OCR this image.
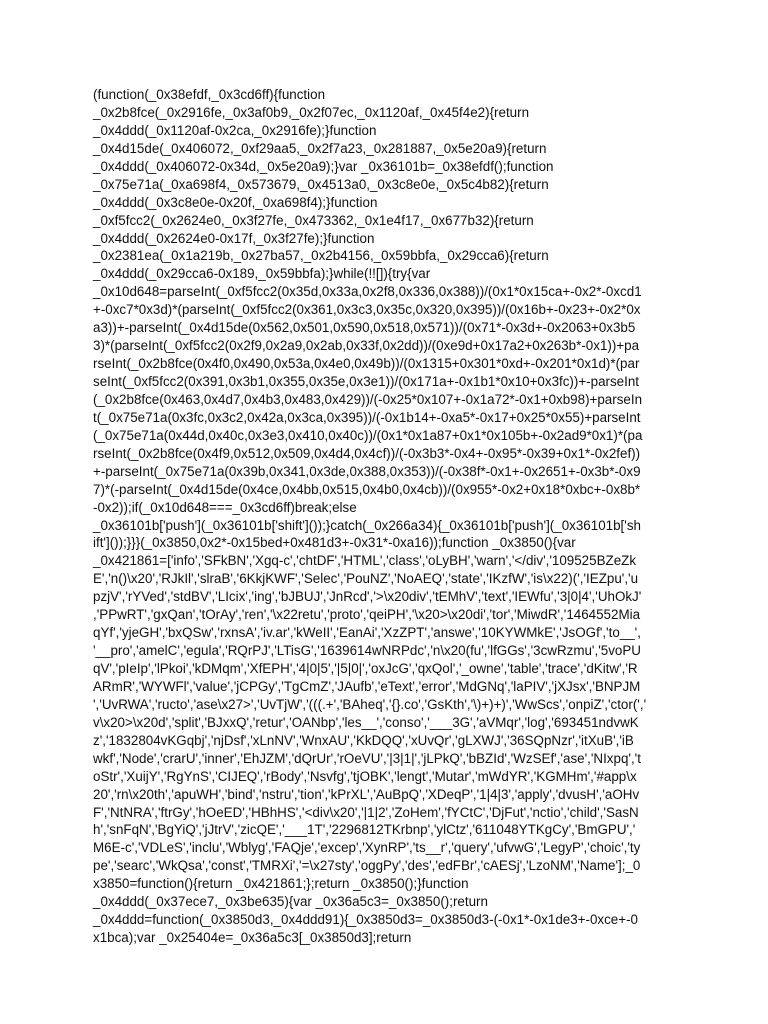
(function(_0x38efdf,_0x3cd6ff){function
_0x2b8fce(_0x2916fe,_0x3af0b9,_0x2f07ec,_0x1120af,_0x45f4e2){return
_0x4ddd(_0x1120af-0x2ca,_0x2916fe);}function
_0x4d15de(_0x406072,_0xf29aa5,_0x2f7a23,_0x281887,_0x5e20a9){return
_0x4ddd(_0x406072-0x34d,_0x5e20a9);}var _0x36101b=_0x38efdf();function
_0x75e71a(_0xa698f4,_0x573679,_0x4513a0,_0x3c8e0e,_0x5c4b82){return
_0x4ddd(_0x3c8e0e-0x20f,_0xa698f4);}function
_0xf5fcc2(_0x2624e0,_0x3f27fe,_0x473362,_0x1e4f17,_0x677b32){return
_0x4ddd(_0x2624e0-0x17f,_0x3f27fe);}function
_0x2381ea(_0x1a219b,_0x27ba57,_0x2b4156,_0x59bbfa,_0x29cca6){return
_0x4ddd(_0x29cca6-0x189,_0x59bbfa);}while(!![]){try{var
_0x10d648=parseInt(_0xf5fcc2(0x35d,0x33a,0x2f8,0x336,0x388))/(0x1*0x15ca+-0x2*-0xcd1
+-0xc7*0x3d)*(parseInt(_0xf5fcc2(0x361,0x3c3,0x35c,0x320,0x395))/(0x16b+-0x23+-0x2*0x
a3))+-parseInt(_0x4d15de(0x562,0x501,0x590,0x518,0x571))/(0x71*-0x3d+-0x2063+0x3b5
3)*(parseInt(_0xf5fcc2(0x2f9,0x2a9,0x2ab,0x33f,0x2dd))/(0xe9d+0x17a2+0x263b*-0x1))+pa
rseInt(_0x2b8fce(0x4f0,0x490,0x53a,0x4e0,0x49b))/(0x1315+0x301*0xd+-0x201*0x1d)*(par
seInt(_0xf5fcc2(0x391,0x3b1,0x355,0x35e,0x3e1))/(0x171a+-0x1b1*0x10+0x3fc))+-parseInt
(_0x2b8fce(0x463,0x4d7,0x4b3,0x483,0x429))/(-0x25*0x107+-0x1a72*-0x1+0xb98)+parseIn
t(_0x75e71a(0x3fc,0x3c2,0x42a,0x3ca,0x395))/(-0x1b14+-0xa5*-0x17+0x25*0x55)+parseInt
(_0x75e71a(0x44d,0x40c,0x3e3,0x410,0x40c))/(0x1*0x1a87+0x1*0x105b+-0x2ad9*0x1)*(pa
rseInt(_0x2b8fce(0x4f9,0x512,0x509,0x4d4,0x4cf))/(-0x3b3*-0x4+-0x95*-0x39+0x1*-0x2fef))
+-parseInt(_0x75e71a(0x39b,0x341,0x3de,0x388,0x353))/(-0x38f*-0x1+-0x2651+-0x3b*-0x9
7)*(-parseInt(_0x4d15de(0x4ce,0x4bb,0x515,0x4b0,0x4cb))/(0x955*-0x2+0x18*0xbc+-0x8b*
-0x2));if(_0x10d648===_0x3cd6ff)break;else
_0x36101b['push'](_0x36101b['shift']());}catch(_0x266a34){_0x36101b['push'](_0x36101b['sh
ift']());}}}(_0x3850,0x2*-0x15bed+0x481d3+-0x31*-0xa16));function _0x3850(){var
_0x421861=['info','SFkBN','Xgq-c','chtDF','HTML','class','oLyBH','warn','</div','109525BZeZk
E','n()\x20','RJkIl','slraB','6KkjKWF','Selec','PouNZ','NoAEQ','state','IKzfW','is\x22)(','IEZpu','u
pzjV','rYVed','stdBV','LIcix','ing','bJBUJ','JnRcd','>\x20div','tEMhV','text','IEWfu','3|0|4','UhOkJ'
,'PPwRT','gxQan','tOrAy','ren','\x22retu','proto','qeiPH','\x20>\x20di','tor','MiwdR','1464552Mia
qYf','yjeGH','bxQSw','rxnsA','iv.ar','kWeII','EanAi','XzZPT','answe','10KYWMkE','JsOGf','to__',
'__pro','amelC','egula','RQrPJ','LTisG','1639614wNRPdc','n\x20(fu','lfGGs','3cwRzmu','5voPU
qV','pIeIp','lPkoi','kDMqm','XfEPH','4|0|5','|5|0|','oxJcG','qxQol','_owne','table','trace','dKitw','R
ARmR','WYWFl','value','jCPGy','TgCmZ','JAufb','eText','error','MdGNq','laPIV','jXJsx','BNPJM
','UvRWA','ructo','ase\x27>','UvTjW','(((.+','BAheq','{}.co','GsKth','\)+)+)','WwScs','onpiZ','ctor(','
v\x20>\x20d','split','BJxxQ','retur','OANbp','les__','conso','___3G','aVMqr','log','693451ndvwK
z','1832804vKGqbj','njDsf','xLnNV','WnxAU','KkDQQ','xUvQr','gLXWJ','36SQpNzr','itXuB','iB
wkf','Node','crarU','inner','EhJZM','dQrUr','rOeVU','|3|1|','jLPkQ','bBZId','WzSEf','ase','NIxpq','t
oStr','XuijY','RgYnS','CIJEQ','rBody','Nsvfg','tjOBK','lengt','Mutar','mWdYR','KGMHm','#app\x
20','rn\x20th','apuWH','bind','nstru','tion','kPrXL','AuBpQ','XDeqP','1|4|3','apply','dvusH','aOHv
F','NtNRA','ftrGy','hOeED','HBhHS','<div\x20','|1|2','ZoHem','fYCtC','DjFut','nctio','child','SasN
h','snFqN','BgYiQ','jJtrV','zicQE','___1T','2296812TKrbnp','ylCtz','611048YTKgCy','BmGPU','
M6E-c','VDLeS','inclu','Wblyg','FAQje','excep','XynRP','ts__r','query','ufvwG','LegyP','choic','ty
pe','searc','WkQsa','const','TMRXi','=\x27sty','oggPy','des','edFBr','cAESj','LzoNM','Name'];_0
x3850=function(){return _0x421861;};return _0x3850();}function
_0x4ddd(_0x37ece7,_0x3be635){var _0x36a5c3=_0x3850();return
_0x4ddd=function(_0x3850d3,_0x4ddd91){_0x3850d3=_0x3850d3-(-0x1*-0x1de3+-0xce+-0
x1bca);var _0x25404e=_0x36a5c3[_0x3850d3];return
